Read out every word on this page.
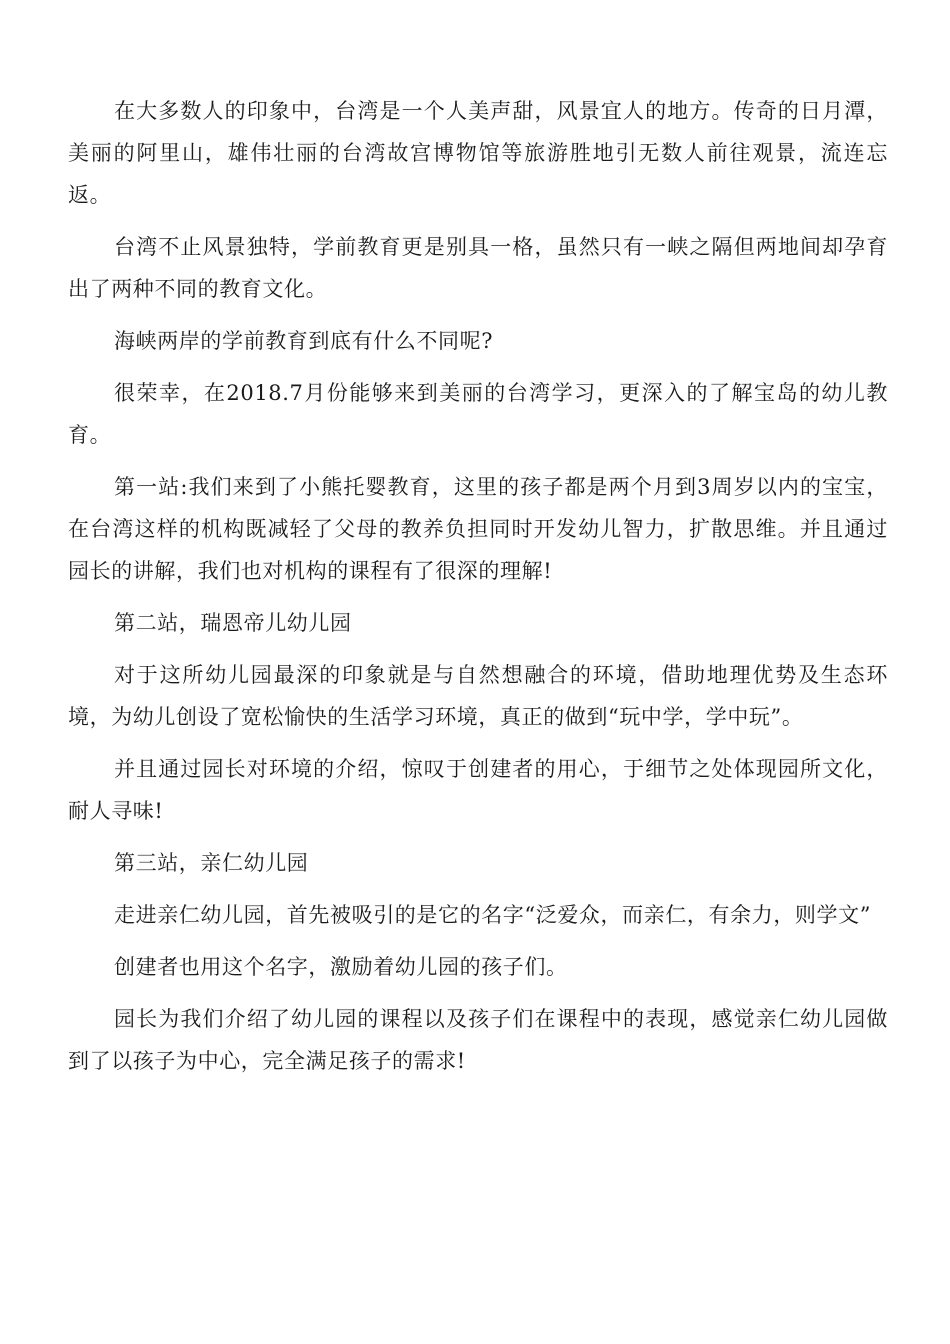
在大多数人的印象中，台湾是一个人美声甜，风景宜人的地方。传奇的日月潭，美丽的阿里山，雄伟壮丽的台湾故宫博物馆等旅游胜地引无数人前往观景，流连忘返。

台湾不止风景独特，学前教育更是别具一格，虽然只有一峡之隔但两地间却孕育出了两种不同的教育文化。

海峡两岸的学前教育到底有什么不同呢?

很荣幸，在2018.7月份能够来到美丽的台湾学习，更深入的了解宝岛的幼儿教育。

第一站:我们来到了小熊托婴教育，这里的孩子都是两个月到3周岁以内的宝宝，在台湾这样的机构既减轻了父母的教养负担同时开发幼儿智力，扩散思维。并且通过园长的讲解，我们也对机构的课程有了很深的理解!

第二站，瑞恩帝儿幼儿园

对于这所幼儿园最深的印象就是与自然想融合的环境，借助地理优势及生态环境，为幼儿创设了宽松愉快的生活学习环境，真正的做到“玩中学，学中玩”。

并且通过园长对环境的介绍，惊叹于创建者的用心，于细节之处体现园所文化，耐人寻味!

第三站，亲仁幼儿园

走进亲仁幼儿园，首先被吸引的是它的名字“泛爱众，而亲仁，有余力，则学文”

创建者也用这个名字，激励着幼儿园的孩子们。

园长为我们介绍了幼儿园的课程以及孩子们在课程中的表现，感觉亲仁幼儿园做到了以孩子为中心，完全满足孩子的需求!
